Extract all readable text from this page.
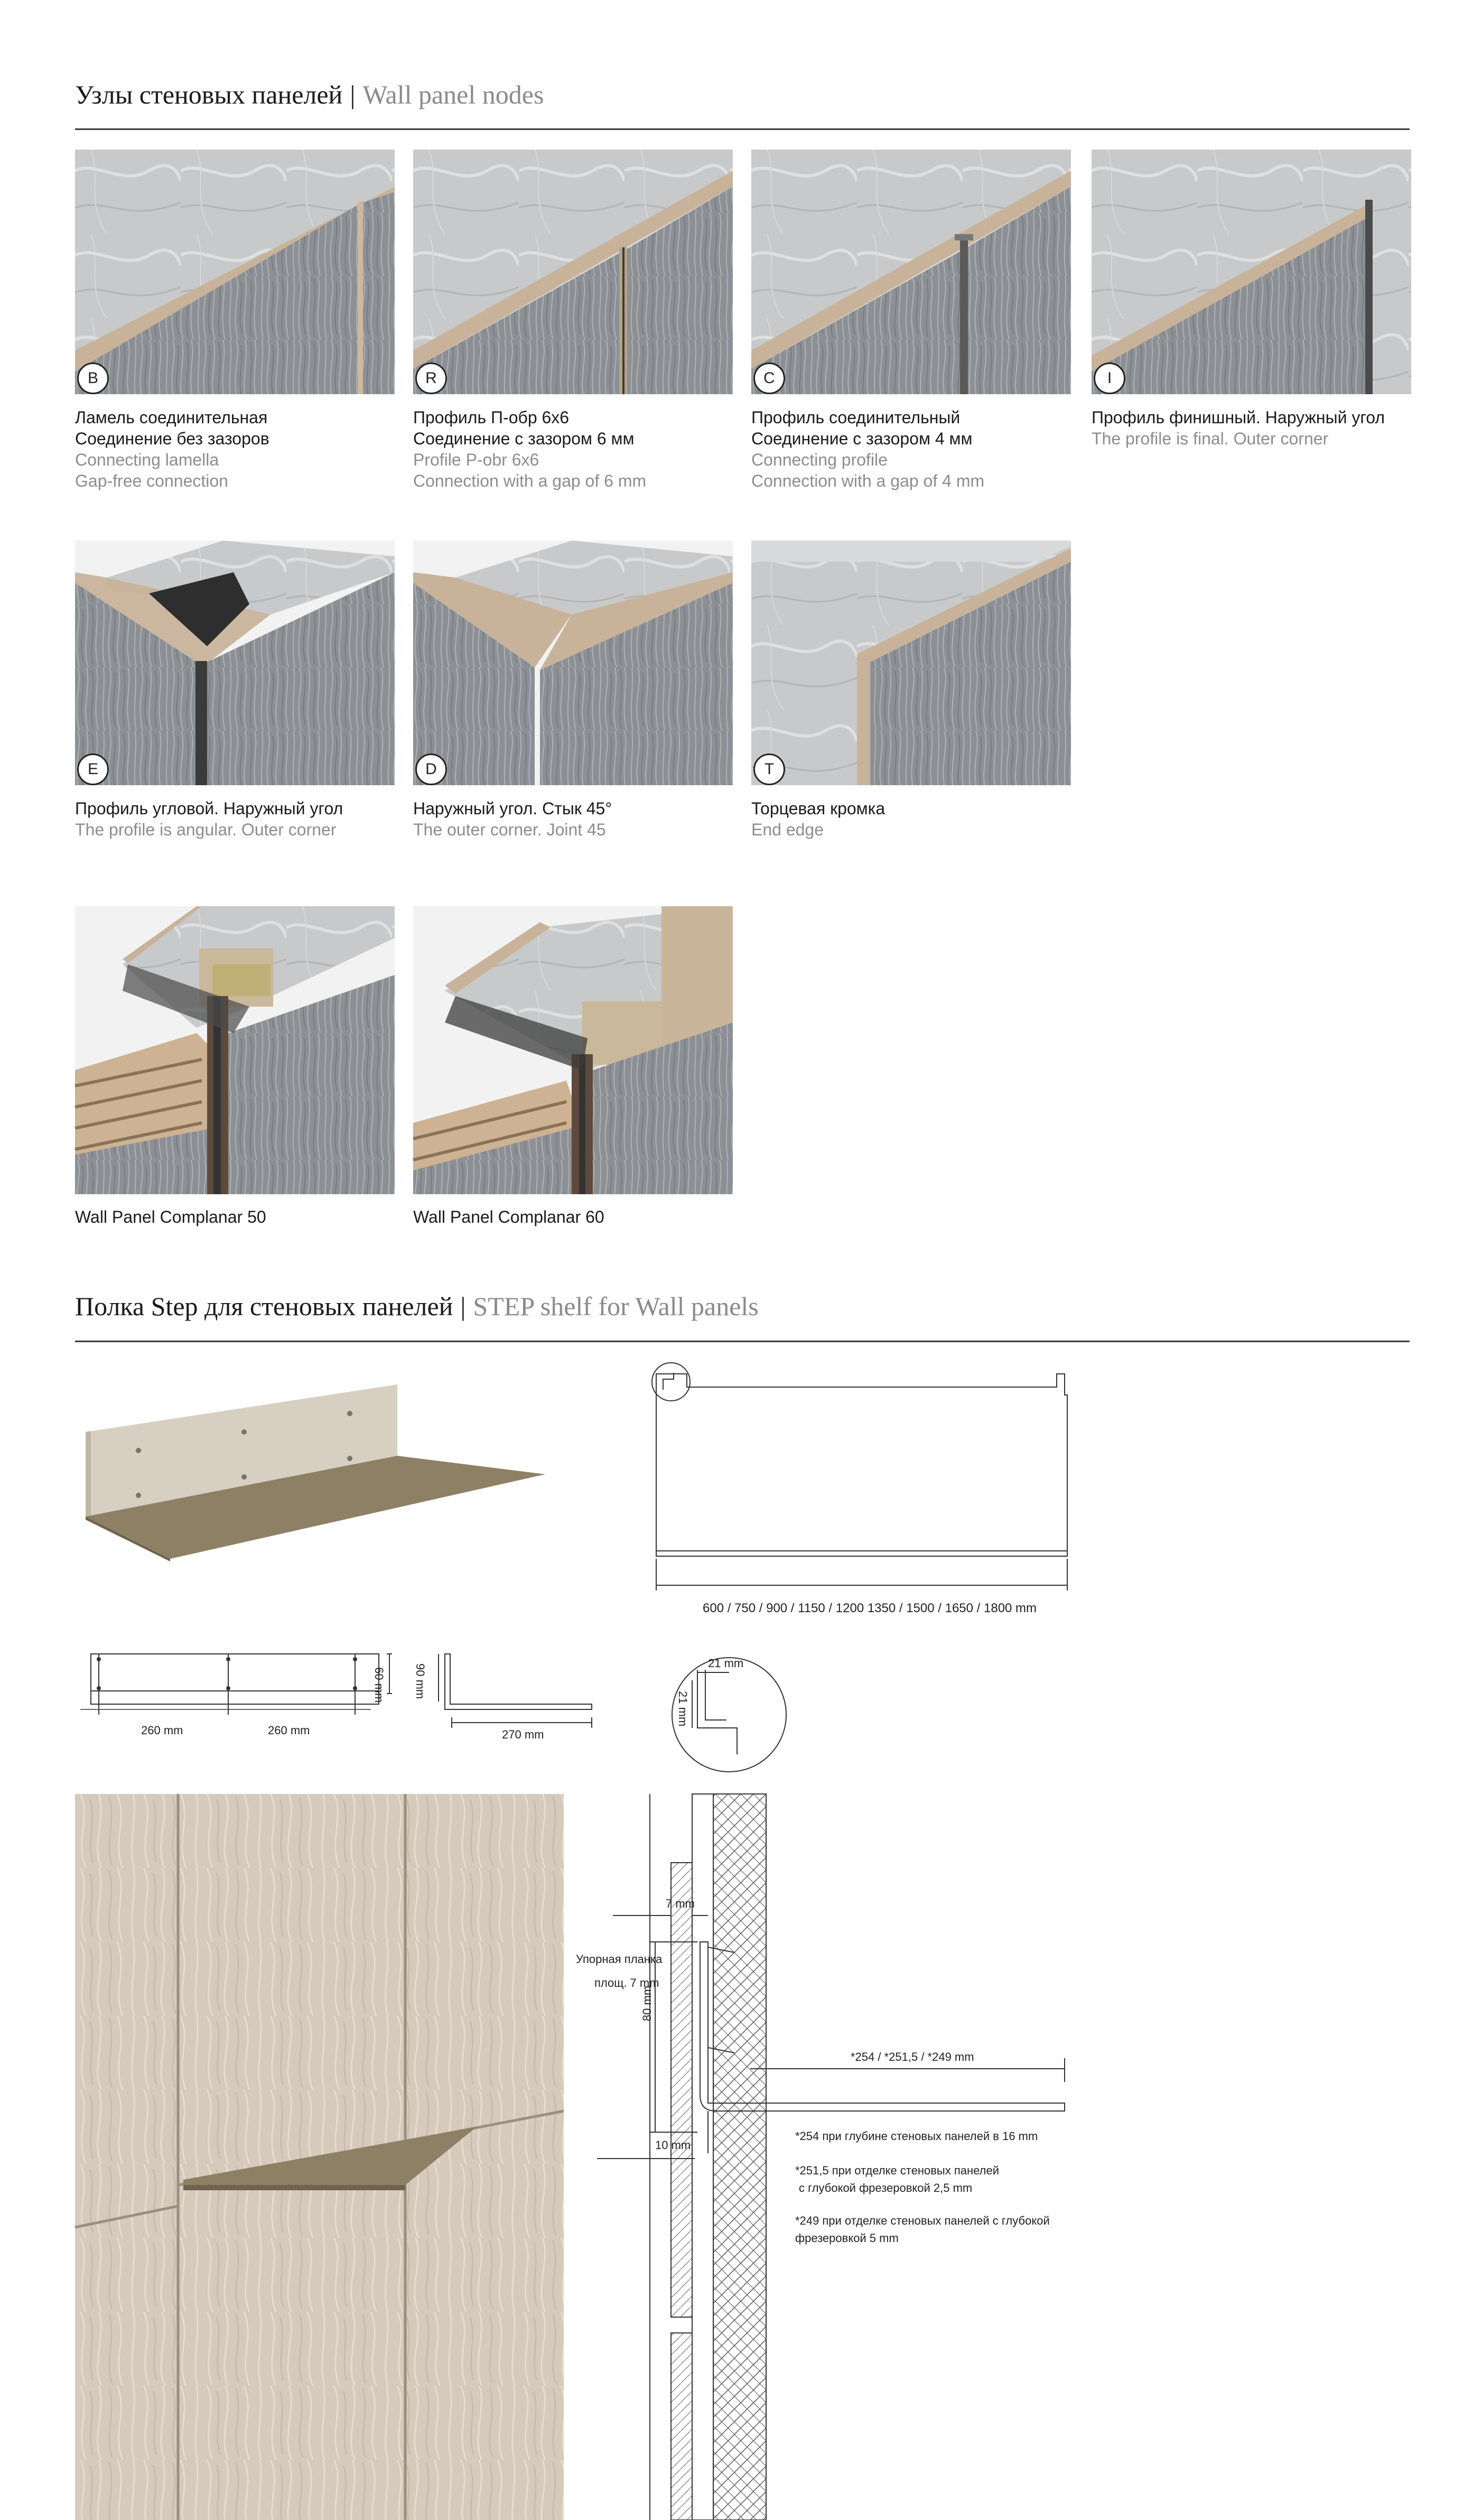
Узлы стеновых панелей | Wall panel nodes
B	R	C	I
Ламель соединительная
Соединение без зазоров
Connecting lamella
Gap-free connection
Профиль П-обр 6х6
Соединение с зазором 6 мм
Profile P-obr 6x6
Connection with a gap of 6 mm
Профиль соединительный
Соединение с зазором 4 мм
Connecting profile
Connection with a gap of 4 mm
Профиль финишный. Наружный угол
The profile is final. Outer corner
E	D	T
Профиль угловой. Наружный угол
The profile is angular. Outer corner
Наружный угол. Стык 45°
The outer corner. Joint 45
Торцевая кромка
End edge
Wall Panel Complanar 50	Wall Panel Complanar 60
Полка Step для стеновых панелей | STEP shelf for Wall panels
600 / 750 / 900 / 1150 / 1200 1350 / 1500 / 1650 / 1800 mm
260 mm	260 mm
60 mm 90 mm
270 mm
21 mm
21 mm
7 mm
Упорная планка
площ. 7 mm
80 mm
10 mm
*254 / *251,5 / *249 mm
*254 при глубине стеновых панелей в 16 mm
*251,5 при отделке стеновых панелей
с глубокой фрезеровкой 2,5 mm
*249 при отделке стеновых панелей с глубокой
фрезеровкой 5 mm
